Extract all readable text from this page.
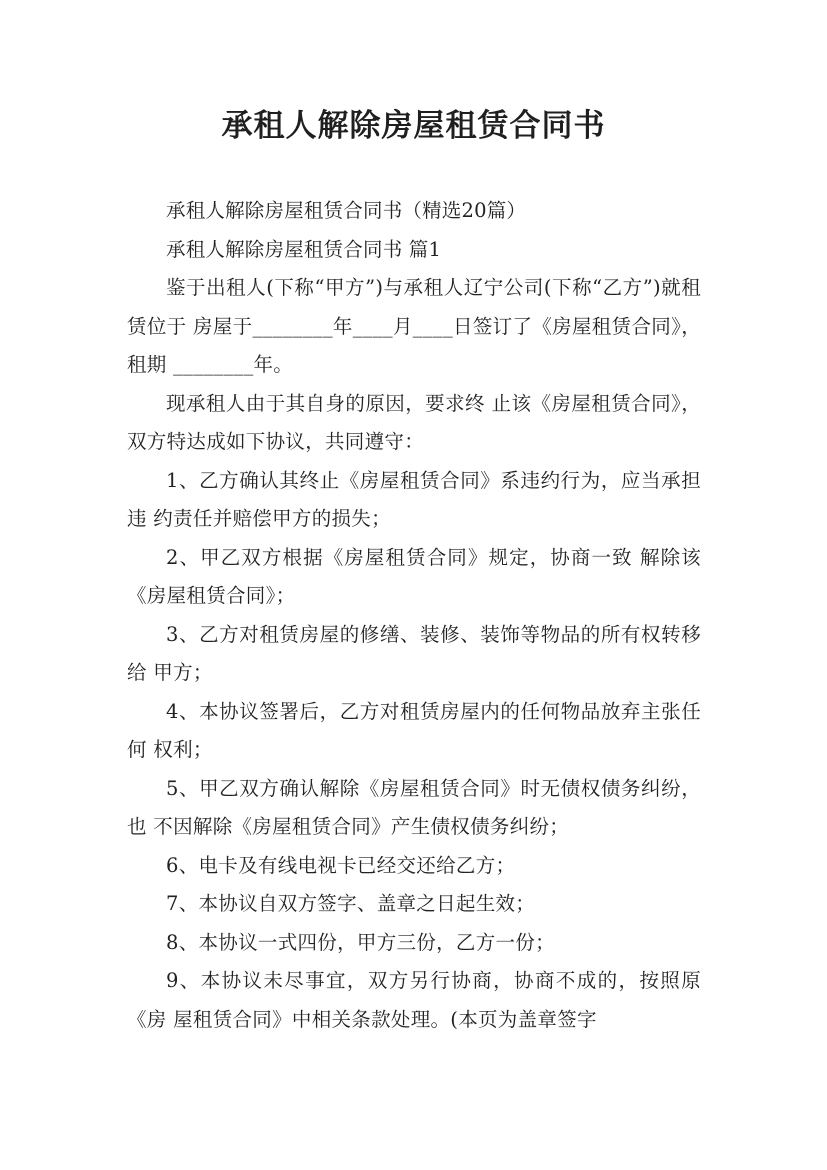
承租人解除房屋租赁合同书

承租人解除房屋租赁合同书（精选20篇）

承租人解除房屋租赁合同书 篇1

鉴于出租人(下称“甲方”)与承租人辽宁公司(下称“乙方”)就租赁位于 房屋于________年____月____日签订了《房屋租赁合同》，租期 ________年。

现承租人由于其自身的原因，要求终 止该《房屋租赁合同》，双方特达成如下协议，共同遵守：

1、乙方确认其终止《房屋租赁合同》系违约行为，应当承担违 约责任并赔偿甲方的损失；

2、甲乙双方根据《房屋租赁合同》规定，协商一致 解除该《房屋租赁合同》；

3、乙方对租赁房屋的修缮、装修、装饰等物品的所有权转移给 甲方；

4、本协议签署后，乙方对租赁房屋内的任何物品放弃主张任何 权利；

5、甲乙双方确认解除《房屋租赁合同》时无债权债务纠纷，也 不因解除《房屋租赁合同》产生债权债务纠纷；

6、电卡及有线电视卡已经交还给乙方；

7、本协议自双方签字、盖章之日起生效；

8、本协议一式四份，甲方三份，乙方一份；

9、本协议未尽事宜，双方另行协商，协商不成的，按照原《房 屋租赁合同》中相关条款处理。(本页为盖章签字
